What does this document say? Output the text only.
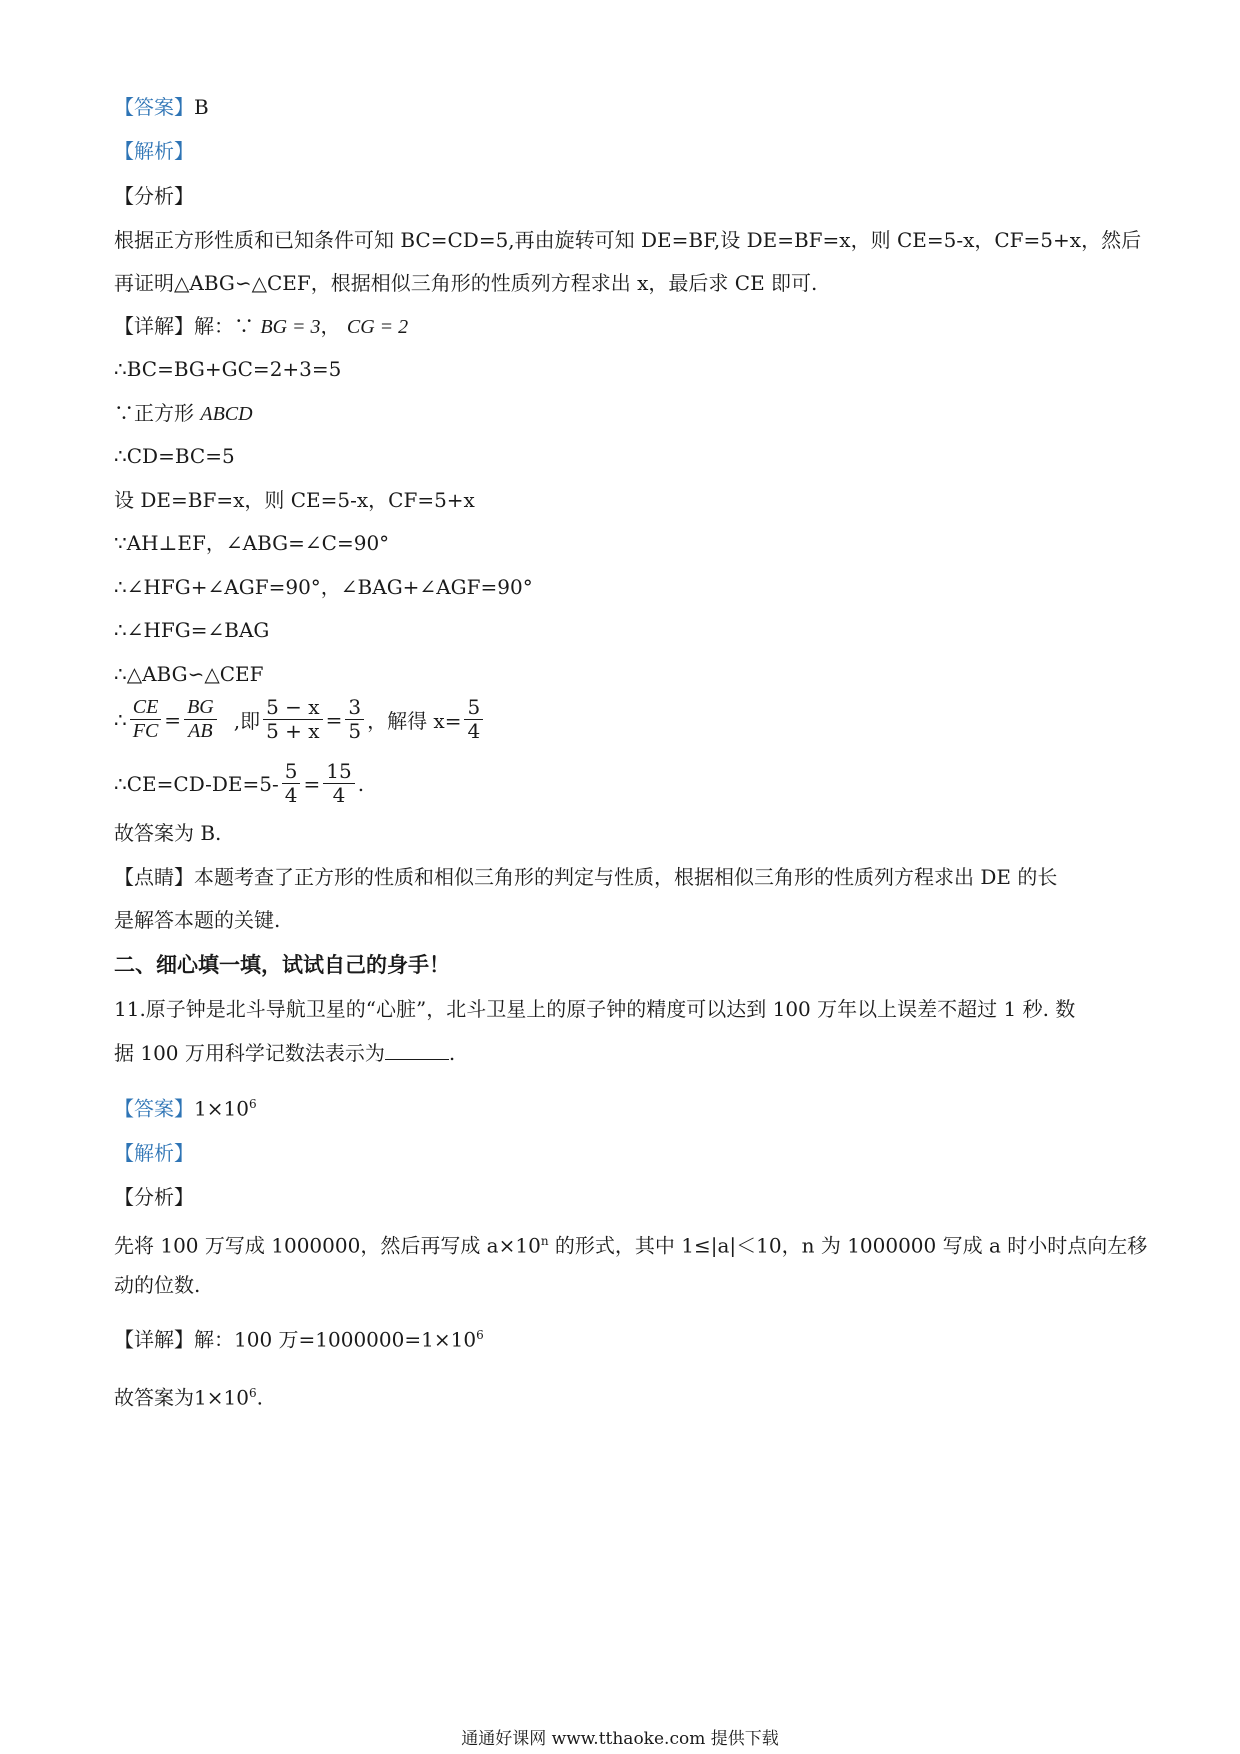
【答案】B
【解析】
【分析】
根据正方形性质和已知条件可知 BC=CD=5,再由旋转可知 DE=BF,设 DE=BF=x，则 CE=5-x，CF=5+x，然后
再证明△ABG∽△CEF，根据相似三角形的性质列方程求出 x，最后求 CE 即可.
【详解】解：∵ BG = 3， CG = 2
∴BC=BG+GC=2+3=5
∵正方形 ABCD
∴CD=BC=5
设 DE=BF=x，则 CE=5-x，CF=5+x
∵AH⊥EF，∠ABG=∠C=90°
∴∠HFG+∠AGF=90°，∠BAG+∠AGF=90°
∴∠HFG=∠BAG
∴△ABG∽△CEF
∴ $\frac{CE}{FC} = \frac{BG}{AB}$ ,即 $\frac{5 - x}{5 + x} = \frac{3}{5}$ ，解得 $x= \frac{5}{4}$
∴CE=CD-DE=5- $\frac{5}{4} = \frac{15}{4}$ .
故答案为 B.
【点睛】本题考查了正方形的性质和相似三角形的判定与性质，根据相似三角形的性质列方程求出 DE 的长
是解答本题的关键.
二、细心填一填，试试自己的身手！
11.原子钟是北斗导航卫星的“心脏”，北斗卫星上的原子钟的精度可以达到 100 万年以上误差不超过 1 秒. 数
据 100 万用科学记数法表示为	.
【答案】$1\times 10^6$
【解析】
【分析】
先将 100 万写成 1000000，然后再写成 $a\times 10^n$ 的形式，其中 1≤|a|＜10，n 为 1000000 写成 a 时小时点向左移
动的位数.
【详解】解：100 万$=1000000=1\times 10^6$
故答案为$1\times 10^6$.
通通好课网 www.tthaoke.com 提供下载
